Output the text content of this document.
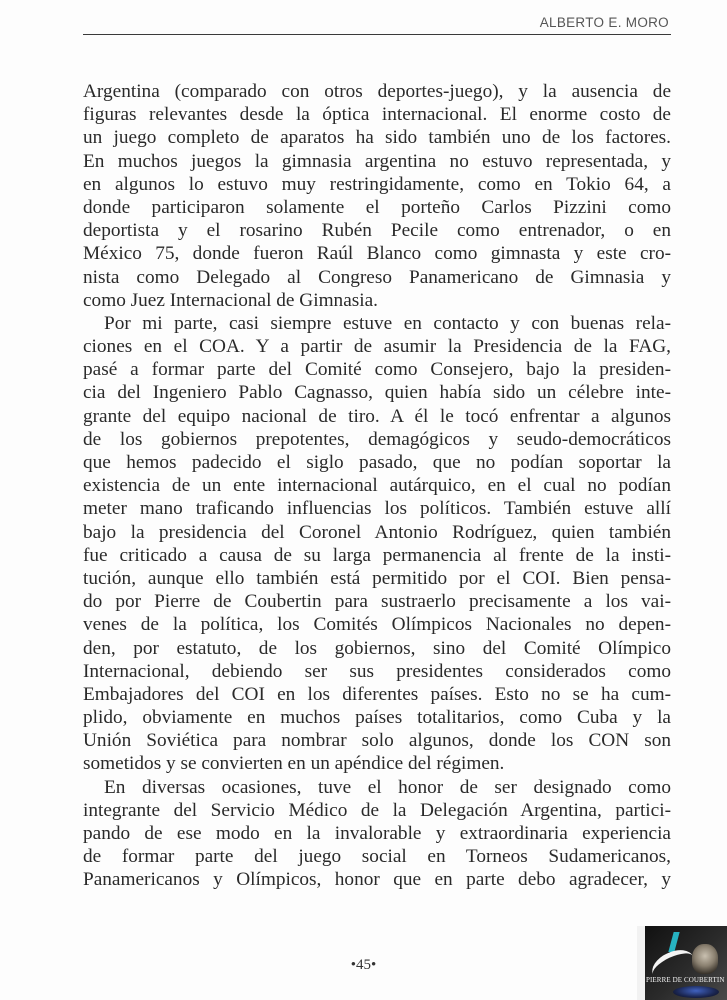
ALBERTO E. MORO
Argentina (comparado con otros deportes-juego), y la ausencia de
figuras relevantes desde la óptica internacional. El enorme costo de
un juego completo de aparatos ha sido también uno de los factores.
En muchos juegos la gimnasia argentina no estuvo representada, y
en algunos lo estuvo muy restringidamente, como en Tokio 64, a
donde participaron solamente el porteño Carlos Pizzini como
deportista y el rosarino Rubén Pecile como entrenador, o en
México 75, donde fueron Raúl Blanco como gimnasta y este cro-
nista como Delegado al Congreso Panamericano de Gimnasia y
como Juez Internacional de Gimnasia.
Por mi parte, casi siempre estuve en contacto y con buenas rela-
ciones en el COA. Y a partir de asumir la Presidencia de la FAG,
pasé a formar parte del Comité como Consejero, bajo la presiden-
cia del Ingeniero Pablo Cagnasso, quien había sido un célebre inte-
grante del equipo nacional de tiro. A él le tocó enfrentar a algunos
de los gobiernos prepotentes, demagógicos y seudo-democráticos
que hemos padecido el siglo pasado, que no podían soportar la
existencia de un ente internacional autárquico, en el cual no podían
meter mano traficando influencias los políticos. También estuve allí
bajo la presidencia del Coronel Antonio Rodríguez, quien también
fue criticado a causa de su larga permanencia al frente de la insti-
tución, aunque ello también está permitido por el COI. Bien pensa-
do por Pierre de Coubertin para sustraerlo precisamente a los vai-
venes de la política, los Comités Olímpicos Nacionales no depen-
den, por estatuto, de los gobiernos, sino del Comité Olímpico
Internacional, debiendo ser sus presidentes considerados como
Embajadores del COI en los diferentes países. Esto no se ha cum-
plido, obviamente en muchos países totalitarios, como Cuba y la
Unión Soviética para nombrar solo algunos, donde los CON son
sometidos y se convierten en un apéndice del régimen.
En diversas ocasiones, tuve el honor de ser designado como
integrante del Servicio Médico de la Delegación Argentina, partici-
pando de ese modo en la invalorable y extraordinaria experiencia
de formar parte del juego social en Torneos Sudamericanos,
Panamericanos y Olímpicos, honor que en parte debo agradecer, y
•45•
PIERRE DE COUBERTIN
